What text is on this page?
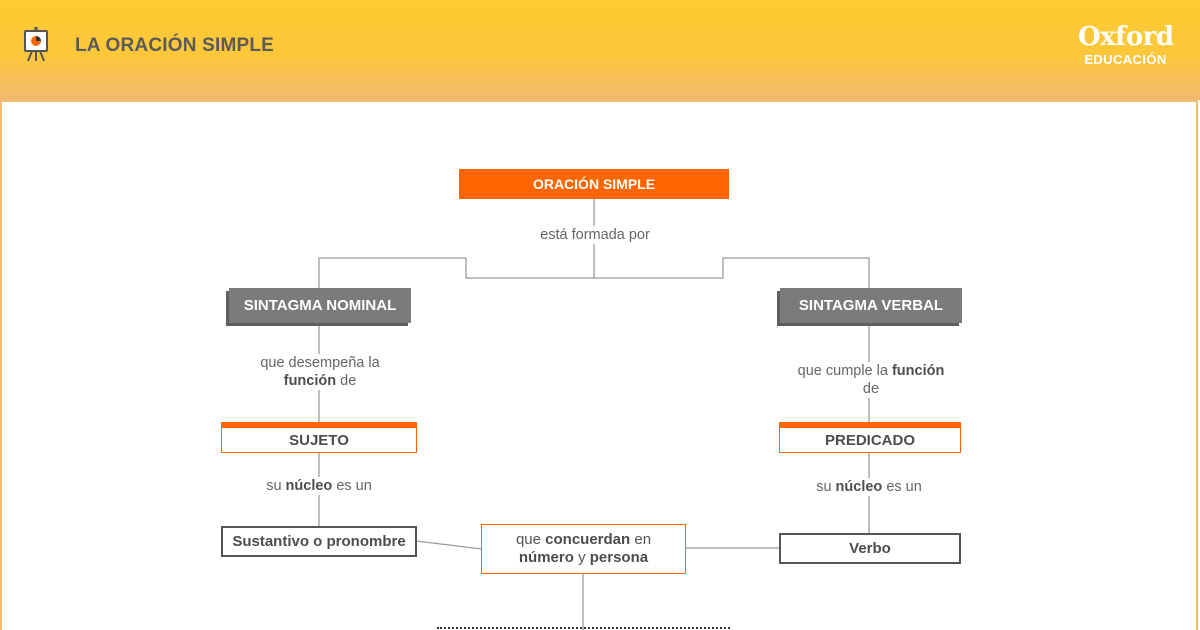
LA ORACIÓN SIMPLE	Oxford
EDUCACIÓN
ORACIÓN SIMPLE
está formada por
SINTAGMA NOMINAL	SINTAGMA VERBAL
que desempeña la
función de
que cumple la función
de
SUJETO	PREDICADO
su núcleo es un	su núcleo es un
Sustantivo o pronombre	Verbo
que concuerdan en
número y persona
